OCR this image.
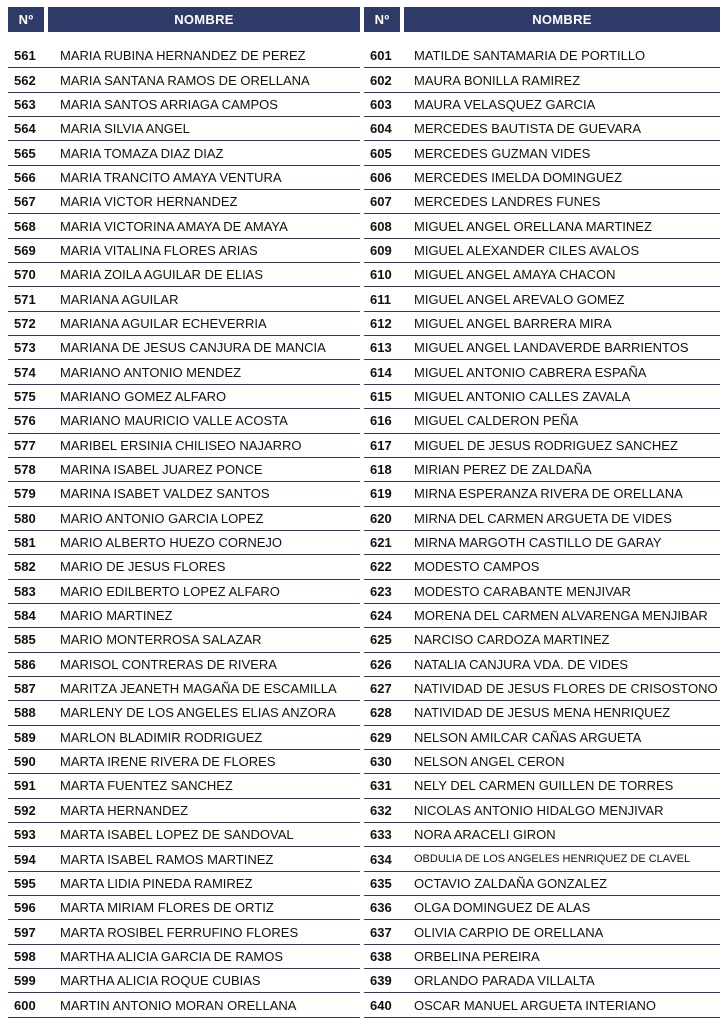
Nº	NOMBRE
561	MARIA RUBINA HERNANDEZ DE PEREZ
562	MARIA SANTANA RAMOS DE ORELLANA
563	MARIA SANTOS ARRIAGA CAMPOS
564	MARIA SILVIA ANGEL
565	MARIA TOMAZA DIAZ DIAZ
566	MARIA TRANCITO AMAYA VENTURA
567	MARIA VICTOR HERNANDEZ
568	MARIA VICTORINA AMAYA DE AMAYA
569	MARIA VITALINA FLORES ARIAS
570	MARIA ZOILA AGUILAR DE ELIAS
571	MARIANA AGUILAR
572	MARIANA AGUILAR ECHEVERRIA
573	MARIANA DE JESUS CANJURA DE MANCIA
574	MARIANO ANTONIO MENDEZ
575	MARIANO GOMEZ ALFARO
576	MARIANO MAURICIO VALLE ACOSTA
577	MARIBEL ERSINIA CHILISEO NAJARRO
578	MARINA ISABEL JUAREZ PONCE
579	MARINA ISABET VALDEZ SANTOS
580	MARIO ANTONIO GARCIA LOPEZ
581	MARIO ALBERTO HUEZO CORNEJO
582	MARIO DE JESUS FLORES
583	MARIO EDILBERTO LOPEZ ALFARO
584	MARIO MARTINEZ
585	MARIO MONTERROSA SALAZAR
586	MARISOL CONTRERAS DE RIVERA
587	MARITZA JEANETH MAGAÑA DE ESCAMILLA
588	MARLENY DE LOS ANGELES ELIAS ANZORA
589	MARLON BLADIMIR RODRIGUEZ
590	MARTA IRENE RIVERA DE FLORES
591	MARTA FUENTEZ SANCHEZ
592	MARTA HERNANDEZ
593	MARTA ISABEL LOPEZ DE SANDOVAL
594	MARTA ISABEL RAMOS MARTINEZ
595	MARTA LIDIA PINEDA RAMIREZ
596	MARTA MIRIAM FLORES DE ORTIZ
597	MARTA ROSIBEL FERRUFINO FLORES
598	MARTHA ALICIA GARCIA DE RAMOS
599	MARTHA ALICIA ROQUE CUBIAS
600	MARTIN ANTONIO MORAN ORELLANA
Nº	NOMBRE
601	MATILDE SANTAMARIA DE PORTILLO
602	MAURA BONILLA RAMIREZ
603	MAURA VELASQUEZ GARCIA
604	MERCEDES BAUTISTA DE GUEVARA
605	MERCEDES GUZMAN VIDES
606	MERCEDES IMELDA DOMINGUEZ
607	MERCEDES LANDRES FUNES
608	MIGUEL ANGEL ORELLANA MARTINEZ
609	MIGUEL ALEXANDER CILES AVALOS
610	MIGUEL ANGEL AMAYA CHACON
611	MIGUEL ANGEL AREVALO GOMEZ
612	MIGUEL ANGEL BARRERA MIRA
613	MIGUEL ANGEL LANDAVERDE BARRIENTOS
614	MIGUEL ANTONIO CABRERA ESPAÑA
615	MIGUEL ANTONIO CALLES ZAVALA
616	MIGUEL CALDERON PEÑA
617	MIGUEL DE JESUS RODRIGUEZ SANCHEZ
618	MIRIAN PEREZ DE ZALDAÑA
619	MIRNA ESPERANZA RIVERA DE ORELLANA
620	MIRNA DEL CARMEN ARGUETA DE VIDES
621	MIRNA MARGOTH CASTILLO DE GARAY
622	MODESTO CAMPOS
623	MODESTO CARABANTE MENJIVAR
624	MORENA DEL CARMEN ALVARENGA MENJIBAR
625	NARCISO CARDOZA MARTINEZ
626	NATALIA CANJURA VDA. DE VIDES
627	NATIVIDAD DE JESUS FLORES DE CRISOSTONO
628	NATIVIDAD DE JESUS MENA HENRIQUEZ
629	NELSON AMILCAR CAÑAS ARGUETA
630	NELSON ANGEL CERON
631	NELY DEL CARMEN GUILLEN DE TORRES
632	NICOLAS ANTONIO HIDALGO MENJIVAR
633	NORA ARACELI GIRON
634	OBDULIA DE LOS ANGELES HENRIQUEZ DE CLAVEL
635	OCTAVIO ZALDAÑA GONZALEZ
636	OLGA DOMINGUEZ DE ALAS
637	OLIVIA CARPIO DE ORELLANA
638	ORBELINA PEREIRA
639	ORLANDO PARADA VILLALTA
640	OSCAR MANUEL ARGUETA INTERIANO
